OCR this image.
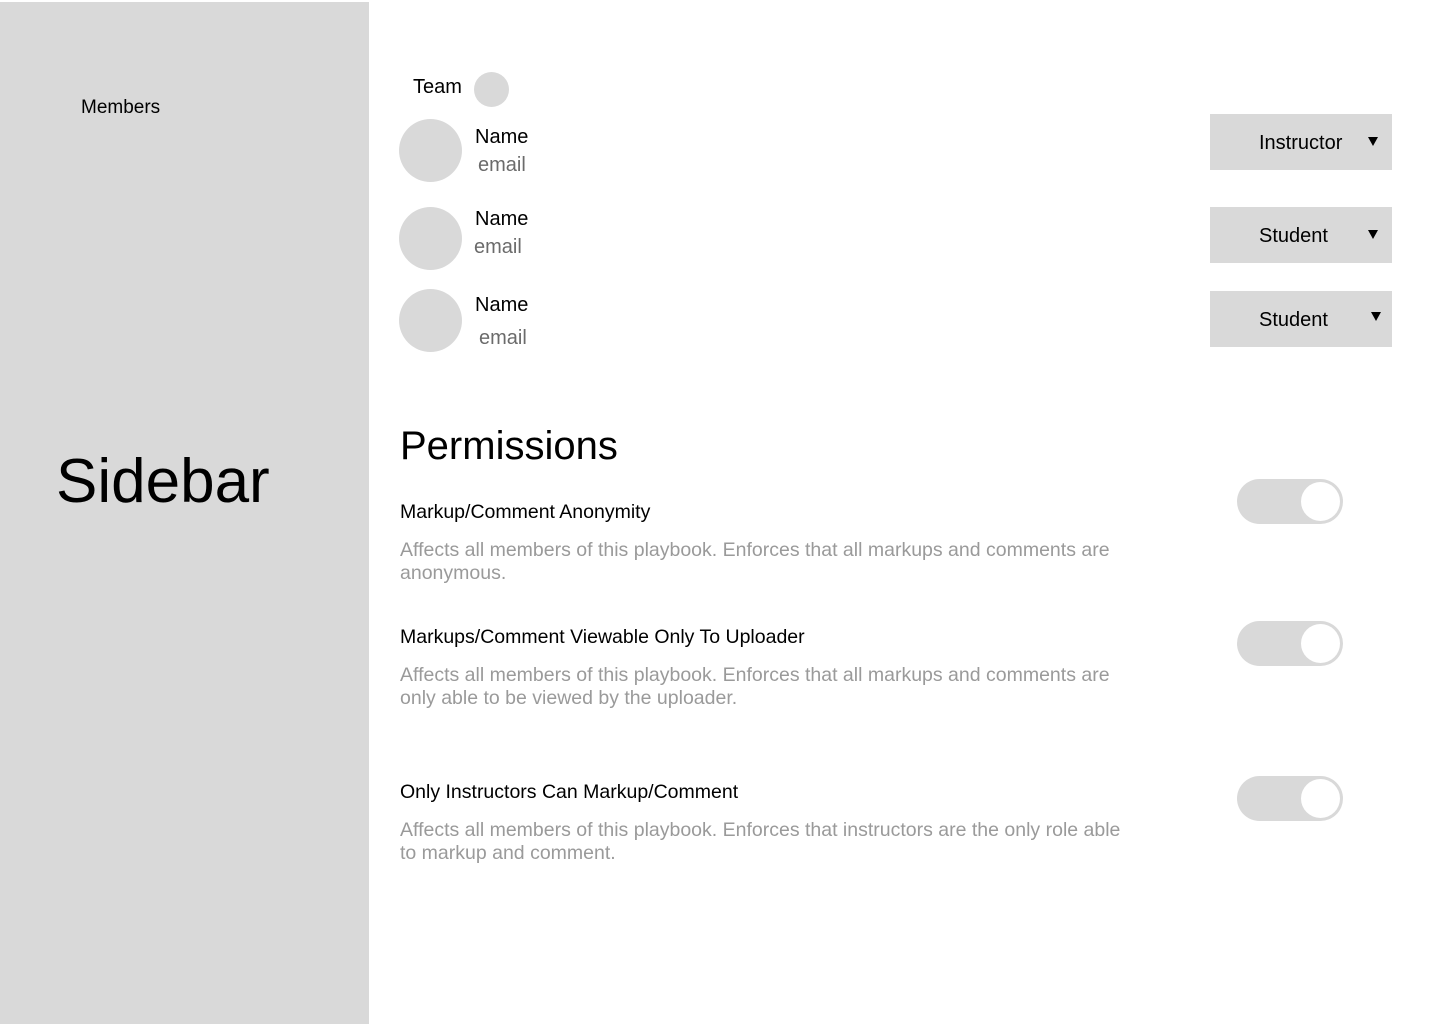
Members
Sidebar
Team
Name
email
Instructor
Name
email	Student
Name
email
Student
Permissions
Markup/Comment Anonymity
Affects all members of this playbook. Enforces that all markups and comments are anonymous.
Markups/Comment Viewable Only To Uploader
Affects all members of this playbook. Enforces that all markups and comments are only able to be viewed by the uploader.
Only Instructors Can Markup/Comment
Affects all members of this playbook. Enforces that instructors are the only role able to markup and comment.
